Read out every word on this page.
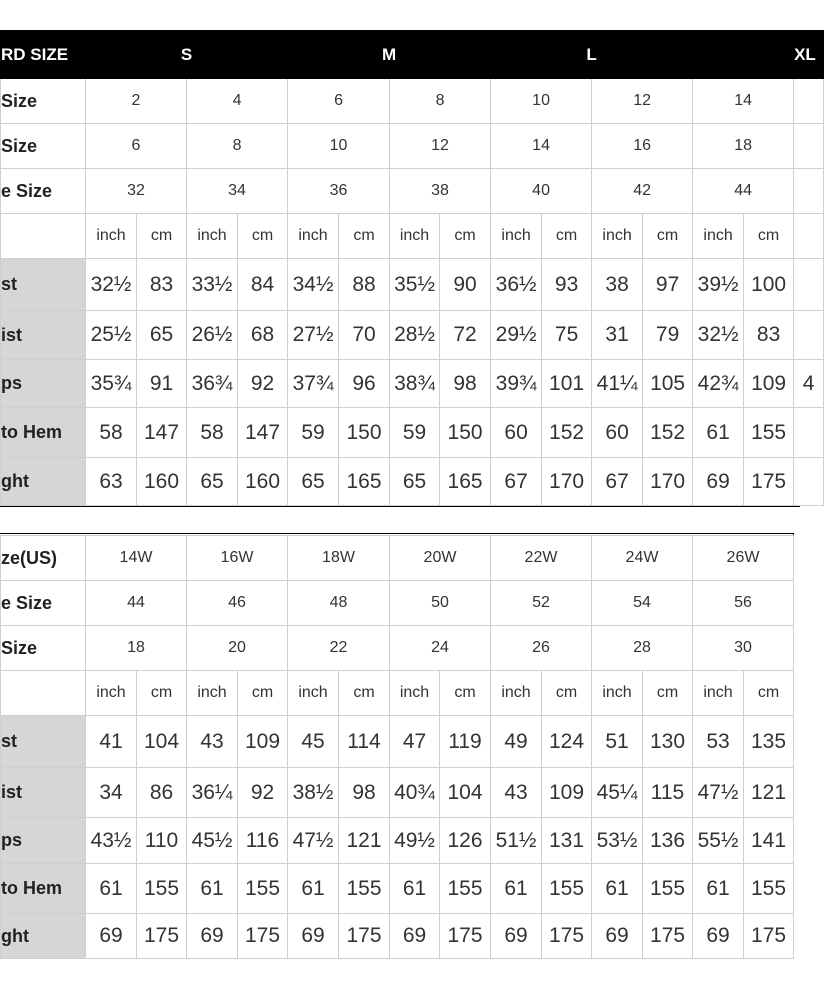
RD SIZE	S				M				L						XL
Size	2		4		6		8		10		12		14		
Size	6		8		10		12		14		16		18		
e Size	32		34		36		38		40		42		44		
	inch	cm	inch	cm	inch	cm	inch	cm	inch	cm	inch	cm	inch	cm	
st	32½	83	33½	84	34½	88	35½	90	36½	93	38	97	39½	100	
ist	25½	65	26½	68	27½	70	28½	72	29½	75	31	79	32½	83	
ps	35¾	91	36¾	92	37¾	96	38¾	98	39¾	101	41¼	105	42¾	109	4
to Hem	58	147	58	147	59	150	59	150	60	152	60	152	61	155	
ght	63	160	65	160	65	165	65	165	67	170	67	170	69	175	
ze(US)	14W		16W		18W		20W		22W		24W		26W	
e Size	44		46		48		50		52		54		56	
Size	18		20		22		24		26		28		30	
	inch	cm	inch	cm	inch	cm	inch	cm	inch	cm	inch	cm	inch	cm
st	41	104	43	109	45	114	47	119	49	124	51	130	53	135
ist	34	86	36¼	92	38½	98	40¾	104	43	109	45¼	115	47½	121
ps	43½	110	45½	116	47½	121	49½	126	51½	131	53½	136	55½	141
to Hem	61	155	61	155	61	155	61	155	61	155	61	155	61	155
ght	69	175	69	175	69	175	69	175	69	175	69	175	69	175
